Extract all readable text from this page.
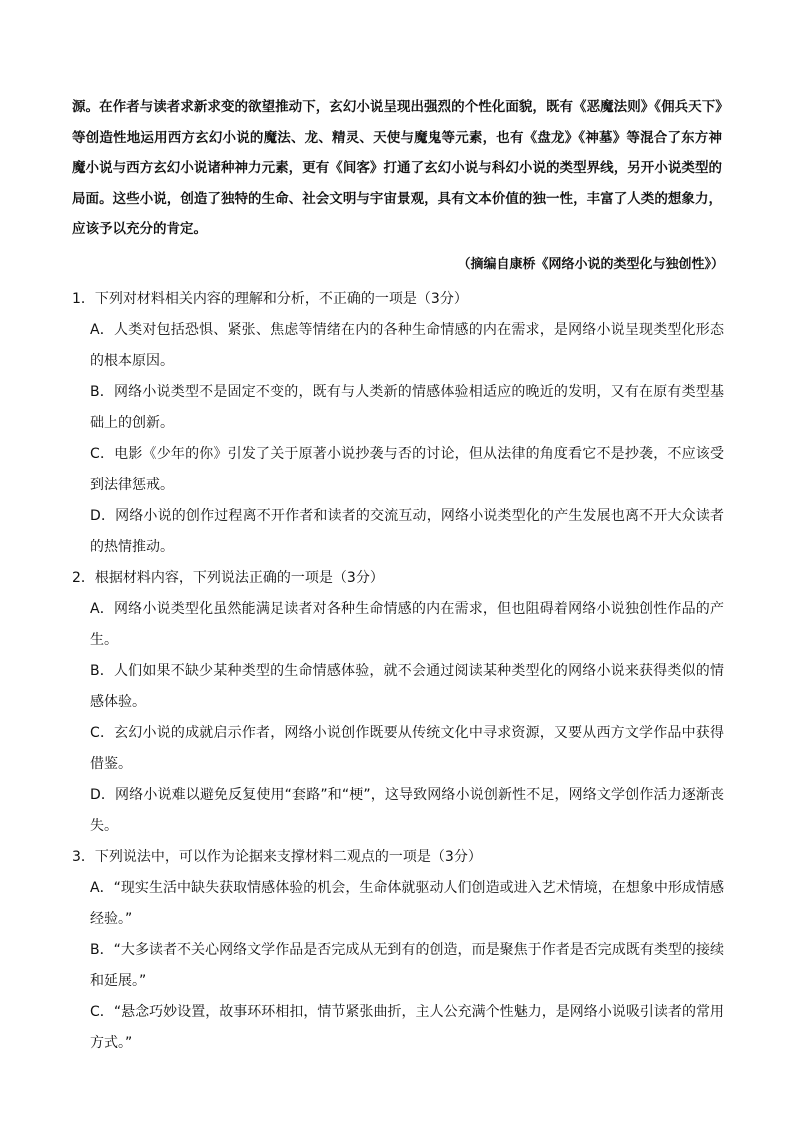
源。在作者与读者求新求变的欲望推动下，玄幻小说呈现出强烈的个性化面貌，既有《恶魔法则》《佣兵天下》等创造性地运用西方玄幻小说的魔法、龙、精灵、天使与魔鬼等元素，也有《盘龙》《神墓》等混合了东方神魔小说与西方玄幻小说诸种神力元素，更有《间客》打通了玄幻小说与科幻小说的类型界线，另开小说类型的局面。这些小说，创造了独特的生命、社会文明与宇宙景观，具有文本价值的独一性，丰富了人类的想象力，应该予以充分的肯定。

（摘编自康桥《网络小说的类型化与独创性》）

1．下列对材料相关内容的理解和分析，不正确的一项是（3分）

A．人类对包括恐惧、紧张、焦虑等情绪在内的各种生命情感的内在需求，是网络小说呈现类型化形态的根本原因。

B．网络小说类型不是固定不变的，既有与人类新的情感体验相适应的晚近的发明，又有在原有类型基础上的创新。

C．电影《少年的你》引发了关于原著小说抄袭与否的讨论，但从法律的角度看它不是抄袭，不应该受到法律惩戒。

D．网络小说的创作过程离不开作者和读者的交流互动，网络小说类型化的产生发展也离不开大众读者的热情推动。

2．根据材料内容，下列说法正确的一项是（3分）

A．网络小说类型化虽然能满足读者对各种生命情感的内在需求，但也阻碍着网络小说独创性作品的产生。

B．人们如果不缺少某种类型的生命情感体验，就不会通过阅读某种类型化的网络小说来获得类似的情感体验。

C．玄幻小说的成就启示作者，网络小说创作既要从传统文化中寻求资源，又要从西方文学作品中获得借鉴。

D．网络小说难以避免反复使用“套路”和“梗”，这导致网络小说创新性不足，网络文学创作活力逐渐丧失。

3．下列说法中，可以作为论据来支撑材料二观点的一项是（3分）

A．“现实生活中缺失获取情感体验的机会，生命体就驱动人们创造或进入艺术情境，在想象中形成情感经验。”

B．“大多读者不关心网络文学作品是否完成从无到有的创造，而是聚焦于作者是否完成既有类型的接续和延展。”

C．“悬念巧妙设置，故事环环相扣，情节紧张曲折，主人公充满个性魅力，是网络小说吸引读者的常用方式。”
